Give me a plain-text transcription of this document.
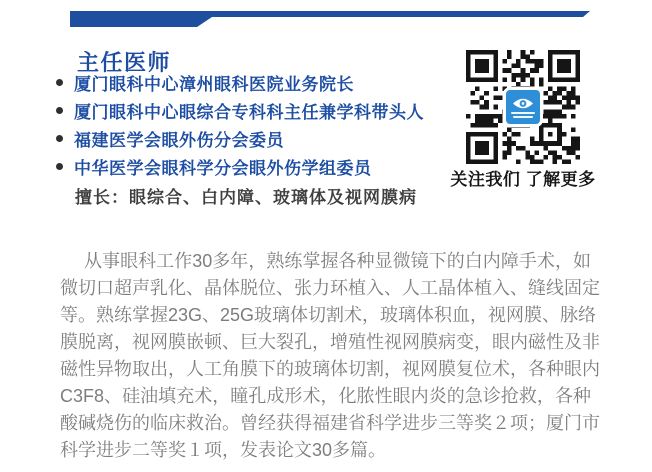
主任医师
厦门眼科中心漳州眼科医院业务院长
厦门眼科中心眼综合专科科主任兼学科带头人
福建医学会眼外伤分会委员
中华医学会眼科学分会眼外伤学组委员
擅长：眼综合、白内障、玻璃体及视网膜病
关注我们 了解更多
从事眼科工作30多年，熟练掌握各种显微镜下的白内障手术，如
微切口超声乳化、晶体脱位、张力环植入、人工晶体植入、缝线固定
等。熟练掌握23G、25G玻璃体切割术，玻璃体积血，视网膜、脉络
膜脱离，视网膜嵌顿、巨大裂孔，增殖性视网膜病变，眼内磁性及非
磁性异物取出，人工角膜下的玻璃体切割，视网膜复位术，各种眼内
C3F8、硅油填充术，瞳孔成形术，化脓性眼内炎的急诊抢救，各种
酸碱烧伤的临床救治。曾经获得福建省科学进步三等奖２项；厦门市
科学进步二等奖１项，发表论文30多篇。
